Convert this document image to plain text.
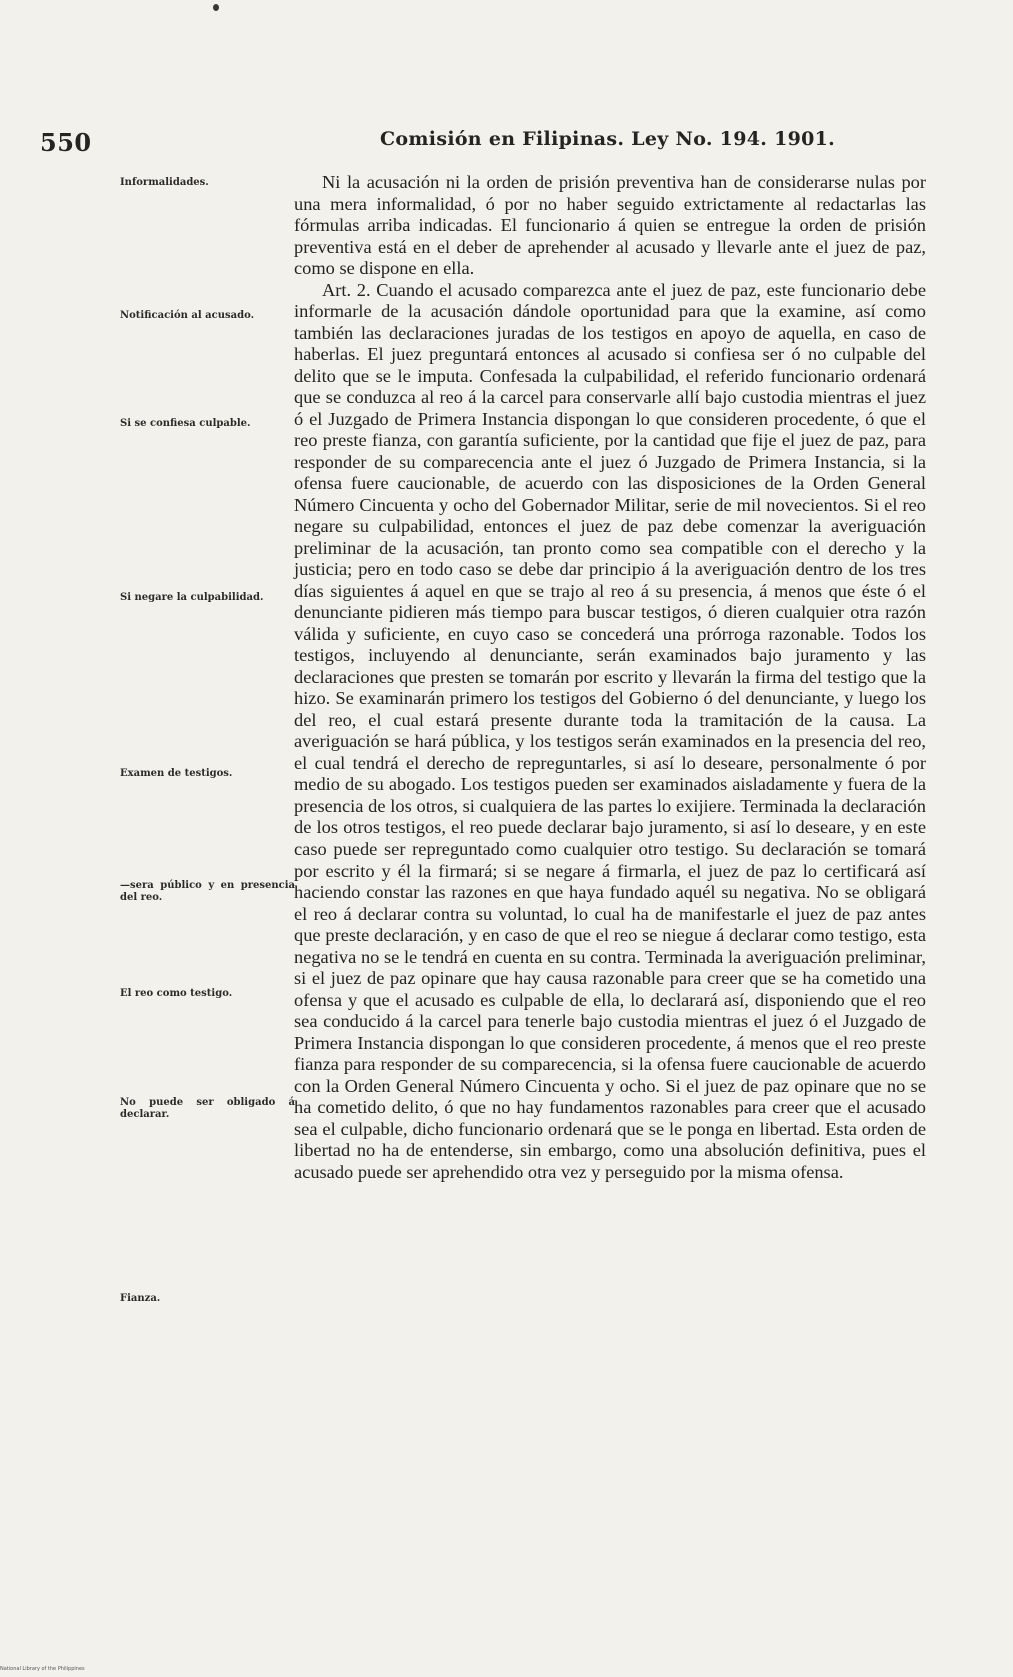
550	Comisión en Filipinas. Ley No. 194. 1901.
Informalidades.
Notificación al acusado.
Si se confiesa culpable.
Si negare la culpabilidad.
Examen de testigos.
—sera público y en presencia del reo.
El reo como testigo.
No puede ser obligado á declarar.
Fianza.

Ni la acusación ni la orden de prisión preventiva han de considerarse nulas por una mera informalidad, ó por no haber seguido extrictamente al redactarlas las fórmulas arriba indicadas. El funcionario á quien se entregue la orden de prisión preventiva está en el deber de aprehender al acusado y llevarle ante el juez de paz, como se dispone en ella.

Art. 2. Cuando el acusado comparezca ante el juez de paz, este funcionario debe informarle de la acusación dándole oportunidad para que la examine, así como también las declaraciones juradas de los testigos en apoyo de aquella, en caso de haberlas. El juez preguntará entonces al acusado si confiesa ser ó no culpable del delito que se le imputa. Confesada la culpabilidad, el referido funcionario ordenará que se conduzca al reo á la carcel para conservarle allí bajo custodia mientras el juez ó el Juzgado de Primera Instancia dispongan lo que consideren procedente, ó que el reo preste fianza, con garantía suficiente, por la cantidad que fije el juez de paz, para responder de su comparecencia ante el juez ó Juzgado de Primera Instancia, si la ofensa fuere caucionable, de acuerdo con las disposiciones de la Orden General Número Cincuenta y ocho del Gobernador Militar, serie de mil novecientos. Si el reo negare su culpabilidad, entonces el juez de paz debe comenzar la averiguación preliminar de la acusación, tan pronto como sea compatible con el derecho y la justicia; pero en todo caso se debe dar principio á la averiguación dentro de los tres días siguientes á aquel en que se trajo al reo á su presencia, á menos que éste ó el denunciante pidieren más tiempo para buscar testigos, ó dieren cualquier otra razón válida y suficiente, en cuyo caso se concederá una prórroga razonable. Todos los testigos, incluyendo al denunciante, serán examinados bajo juramento y las declaraciones que presten se tomarán por escrito y llevarán la firma del testigo que la hizo. Se examinarán primero los testigos del Gobierno ó del denunciante, y luego los del reo, el cual estará presente durante toda la tramitación de la causa. La averiguación se hará pública, y los testigos serán examinados en la presencia del reo, el cual tendrá el derecho de repreguntarles, si así lo deseare, personalmente ó por medio de su abogado. Los testigos pueden ser examinados aisladamente y fuera de la presencia de los otros, si cualquiera de las partes lo exijiere. Terminada la declaración de los otros testigos, el reo puede declarar bajo juramento, si así lo deseare, y en este caso puede ser repreguntado como cualquier otro testigo. Su declaración se tomará por escrito y él la firmará; si se negare á firmarla, el juez de paz lo certificará así haciendo constar las razones en que haya fundado aquél su negativa. No se obligará el reo á declarar contra su voluntad, lo cual ha de manifestarle el juez de paz antes que preste declaración, y en caso de que el reo se niegue á declarar como testigo, esta negativa no se le tendrá en cuenta en su contra. Terminada la averiguación preliminar, si el juez de paz opinare que hay causa razonable para creer que se ha cometido una ofensa y que el acusado es culpable de ella, lo declarará así, disponiendo que el reo sea conducido á la carcel para tenerle bajo custodia mientras el juez ó el Juzgado de Primera Instancia dispongan lo que consideren procedente, á menos que el reo preste fianza para responder de su comparecencia, si la ofensa fuere caucionable de acuerdo con la Orden General Número Cincuenta y ocho. Si el juez de paz opinare que no se ha cometido delito, ó que no hay fundamentos razonables para creer que el acusado sea el culpable, dicho funcionario ordenará que se le ponga en libertad. Esta orden de libertad no ha de entenderse, sin embargo, como una absolución definitiva, pues el acusado puede ser aprehendido otra vez y perseguido por la misma ofensa.

National Library of the Philippines
